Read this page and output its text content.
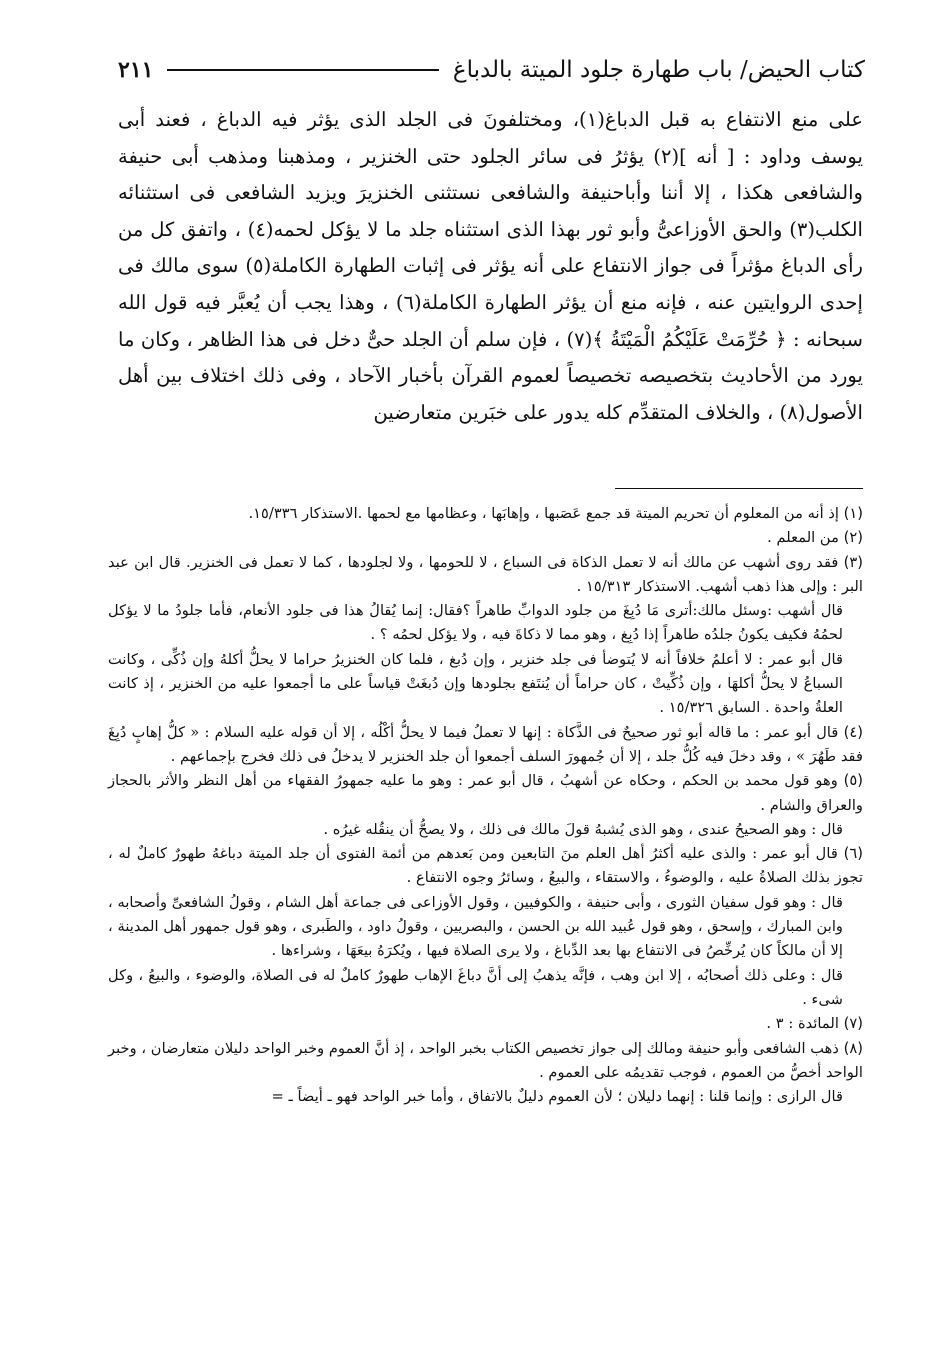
كتاب الحيض/ باب طهارة جلود الميتة بالدباغ
٢١١

على منع الانتفاع به قبل الدباغ(١)، ومختلفونَ فى الجلد الذى يؤثر فيه الدباغ ، فعند أبى يوسف وداود : [ أنه ](٢) يؤثرُ فى سائر الجلود حتى الخنزير ، ومذهبنا ومذهب أبى حنيفة والشافعى هكذا ، إلا أننا وأباحنيفة والشافعى نستثنى الخنزيرَ ويزيد الشافعى فى استثنائه الكلب(٣) والحق الأوزاعىُّ وأبو ثور بهذا الذى استثناه جلد ما لا يؤكل لحمه(٤) ، واتفق كل من رأى الدباغ مؤثراً فى جواز الانتفاع على أنه يؤثر فى إثبات الطهارة الكاملة(٥) سوى مالك فى إحدى الروايتين عنه ، فإنه منع أن يؤثر الطهارة الكاملة(٦) ، وهذا يجب أن يُعبَّر فيه قول الله سبحانه : ﴿ حُرِّمَتْ عَلَيْكُمُ الْمَيْتَةُ ﴾(٧) ، فإن سلم أن الجلد حىٌّ دخل فى هذا الظاهر ، وكان ما يورد من الأحاديث بتخصيصه تخصيصاً لعموم القرآن بأخبار الآحاد ، وفى ذلك اختلاف بين أهل الأصول(٨) ، والخلاف المتقدِّم كله يدور على خبَرين متعارضين

(١) إذ أنه من المعلوم أن تحريم الميتة قد جمع عَصَبها ، وإهابَها ، وعظامها مع لحمها .الاستذكار ١٥/٣٣٦.

(٢) من المعلم .

(٣) فقد روى أشهب عن مالك أنه لا تعمل الذكاة فى السباع ، لا للحومها ، ولا لجلودها ، كما لا تعمل فى الخنزير. قال ابن عبد البر : وإلى هذا ذهب أشهب. الاستذكار ١٥/٣١٣ .

قال أشهب :وسئل مالك:أترى مَا دُبِغَ من جلود الدوابِّ طاهراً ؟فقال: إنما يُقالُ هذا فى جلود الأنعام، فأما جلودُ ما لا يؤكل لحمُهُ فكيف يكونُ جلدُه طاهراً إذا دُبِغ ، وهو مما لا ذكاةَ فيه ، ولا يؤكل لحمُه ؟ .

قال أبو عمر : لا أعلمُ خلافاً أنه لا يُتوضأ فى جلد خنزير ، وإن دُبغ ، فلما كان الخنزيرُ حراما لا يحلُّ أكلهُ وإن ذُكِّى ، وكانت السباعُ لا يحلُّ أكلهَا ، وإن ذُكِّيتْ ، كان حراماً أن يُنتَفع بجلودها وإن دُبغَتْ قياساً على ما أجمعوا عليه من الخنزير ، إذ كانت العلةُ واحدة . السابق ١٥/٣٢٦ .

(٤) قال أبو عمر : ما قاله أبو ثور صحيحٌ فى الذَّكاة : إنها لا تعملُ فيما لا يحلُّ أكْلُه ، إلا أن قوله عليه السلام : « كلُّ إهابٍ دُبِغَ فقد طَهُرَ » ، وقد دخلَ فيه كُلُّ جلد ، إلا أن جُمهورَ السلف أجمعوا أن جلد الخنزير لا يدخلُ فى ذلك فخرج بإجماعهم .

(٥) وهو قول محمد بن الحكم ، وحكاه عن أشهبُ ، قال أبو عمر : وهو ما عليه جمهورُ الفقهاء من أهل النظر والأثر بالحجاز والعراق والشام .

قال : وهو الصحيحُ عندى ، وهو الذى يُشبهُ قولَ مالك فى ذلك ، ولا يصحُّ أن ينقُله غيرُه .

(٦) قال أبو عمر : والذى عليه أكثرُ أهل العلم منَ التابعين ومن بَعدهم من أئمة الفتوى أن جلد الميتة دباغهُ طهورٌ كاملٌ له ، تجوز بذلك الصلاةُ عليه ، والوضوءُ ، والاستقاء ، والبيعُ ، وسائرُ وجوه الانتفاع .

قال : وهو قول سفيان الثورى ، وأبى حنيفة ، والكوفيين ، وقول الأوزاعى فى جماعة أهل الشام ، وقولُ الشافعىِّ وأصحابه ، وابن المبارك ، وإسحق ، وهو قول عُبيد الله بن الحسن ، والبصريين ، وقولُ داود ، والطَبرى ، وهو قول جمهور أهل المدينة ، إلا أن مالكاً كان يُرخِّصُ فى الانتفاع بها بعد الدِّباغ ، ولا يرى الصلاة فيها ، ويُكرَهُ بيعَهَا ، وشراءها .

قال : وعلى ذلك أصحابُه ، إلا ابن وهب ، فإنَّه يذهبُ إلى أنَّ دباغَ الإهاب طهورٌ كاملٌ له فى الصلاة، والوضوء ، والبيعُ ، وكل شىء .

(٧) المائدة : ٣ .

(٨) ذهب الشافعى وأبو حنيفة ومالك إلى جواز تخصيص الكتاب بخبر الواحد ، إذ أنَّ العموم وخبر الواحد دليلان متعارضان ، وخبر الواحد أخصُّ من العموم ، فوجب تقديمُه على العموم .

قال الرازى : وإنما قلنا : إنهما دليلان ؛ لأن العموم دليلٌ بالاتفاق ، وأما خبر الواحد فهو ـ أيضاً ـ =
